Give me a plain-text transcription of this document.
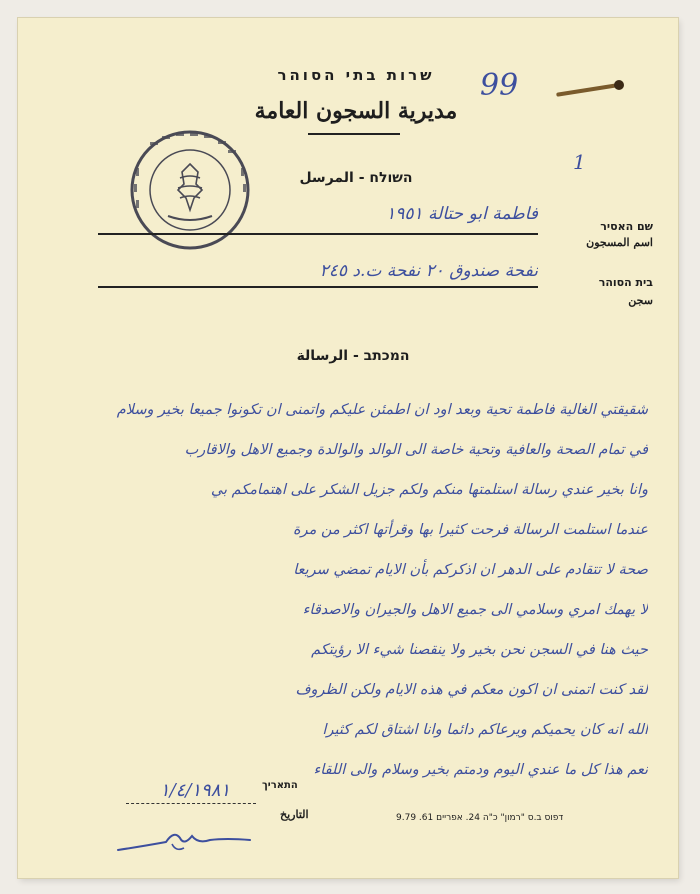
שרות בתי הסוהר
مديرية السجون العامة
99
1
השולח - المرسل
שם האסיר
اسم المسجون
فاطمة ابو حتالة ١٩٥١
בית הסוהר
سجن
نفحة صندوق ٢٠ نفحة ت.د ٢٤٥
המכתב - الرسالة
شقيقتي الغالية فاطمة تحية وبعد اود ان اطمئن عليكم واتمنى ان تكونوا جميعا بخير وسلام
في تمام الصحة والعافية وتحية خاصة الى الوالد والوالدة وجميع الاهل والاقارب
وانا بخير عندي رسالة استلمتها منكم ولكم جزيل الشكر على اهتمامكم بي
عندما استلمت الرسالة فرحت كثيرا بها وقرأتها اكثر من مرة
صحة لا تتقادم على الدهر ان اذكركم بأن الايام تمضي سريعا
لا يهمك امري وسلامي الى جميع الاهل والجيران والاصدقاء
حيث هنا في السجن نحن بخير ولا ينقصنا شيء الا رؤيتكم
لقد كنت اتمنى ان اكون معكم في هذه الايام ولكن الظروف
الله انه كان يحميكم ويرعاكم دائما وانا اشتاق لكم كثيرا
نعم هذا كل ما عندي اليوم ودمتم بخير وسلام والى اللقاء
١/٤/١٩٨١	התאריך
التاريخ	דפוס ב.ס "רמון" כ"ה 24. אפריים 61. 9.79
